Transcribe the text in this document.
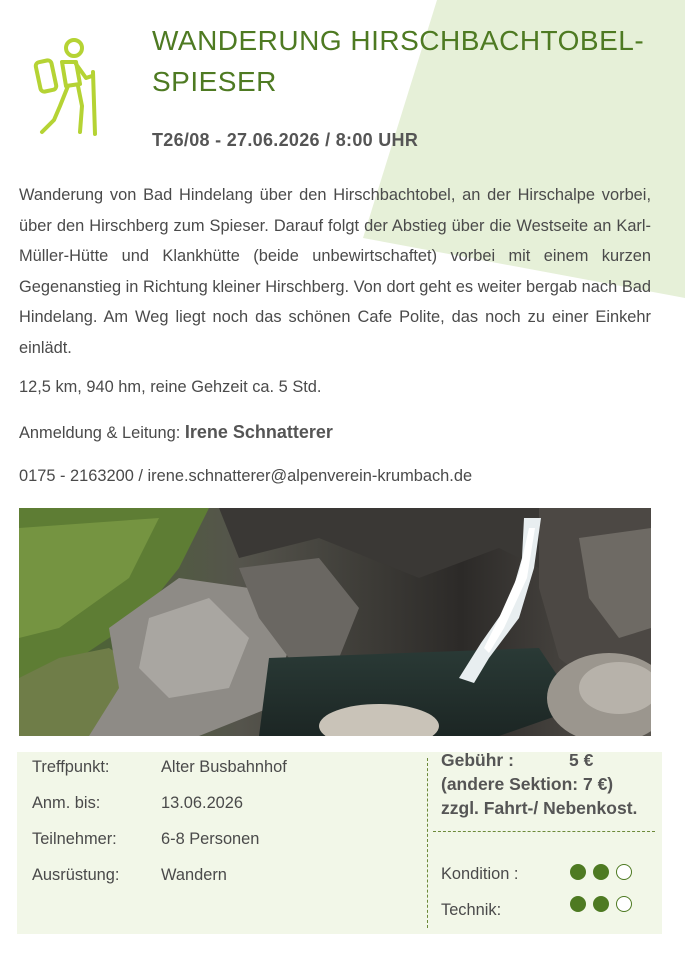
WANDERUNG HIRSCHBACHTOBEL-SPIESER
T26/08 - 27.06.2026 / 8:00 UHR

Wanderung von Bad Hindelang über den Hirschbachtobel, an der Hirschalpe vorbei, über den Hirschberg zum Spieser. Darauf folgt der Abstieg über die Westseite an Karl-Müller-Hütte und Klankhütte (beide unbewirtschaftet) vorbei mit einem kurzen Gegenanstieg in Richtung kleiner Hirschberg. Von dort geht es weiter bergab nach Bad Hindelang. Am Weg liegt noch das schönen Cafe Polite, das noch zu einer Einkehr einlädt.

12,5 km, 940 hm, reine Gehzeit ca. 5 Std.
Anmeldung & Leitung: Irene Schnatterer
0175 - 2163200 / irene.schnatterer@alpenverein-krumbach.de
Treffpunkt:	Alter Busbahnhof
Anm. bis:	13.06.2026
Teilnehmer:	6-8 Personen
Ausrüstung:	Wandern
Gebühr :	5 €
(andere Sektion: 7 €)
zzgl. Fahrt-/ Nebenkost.
Kondition :
Technik:
